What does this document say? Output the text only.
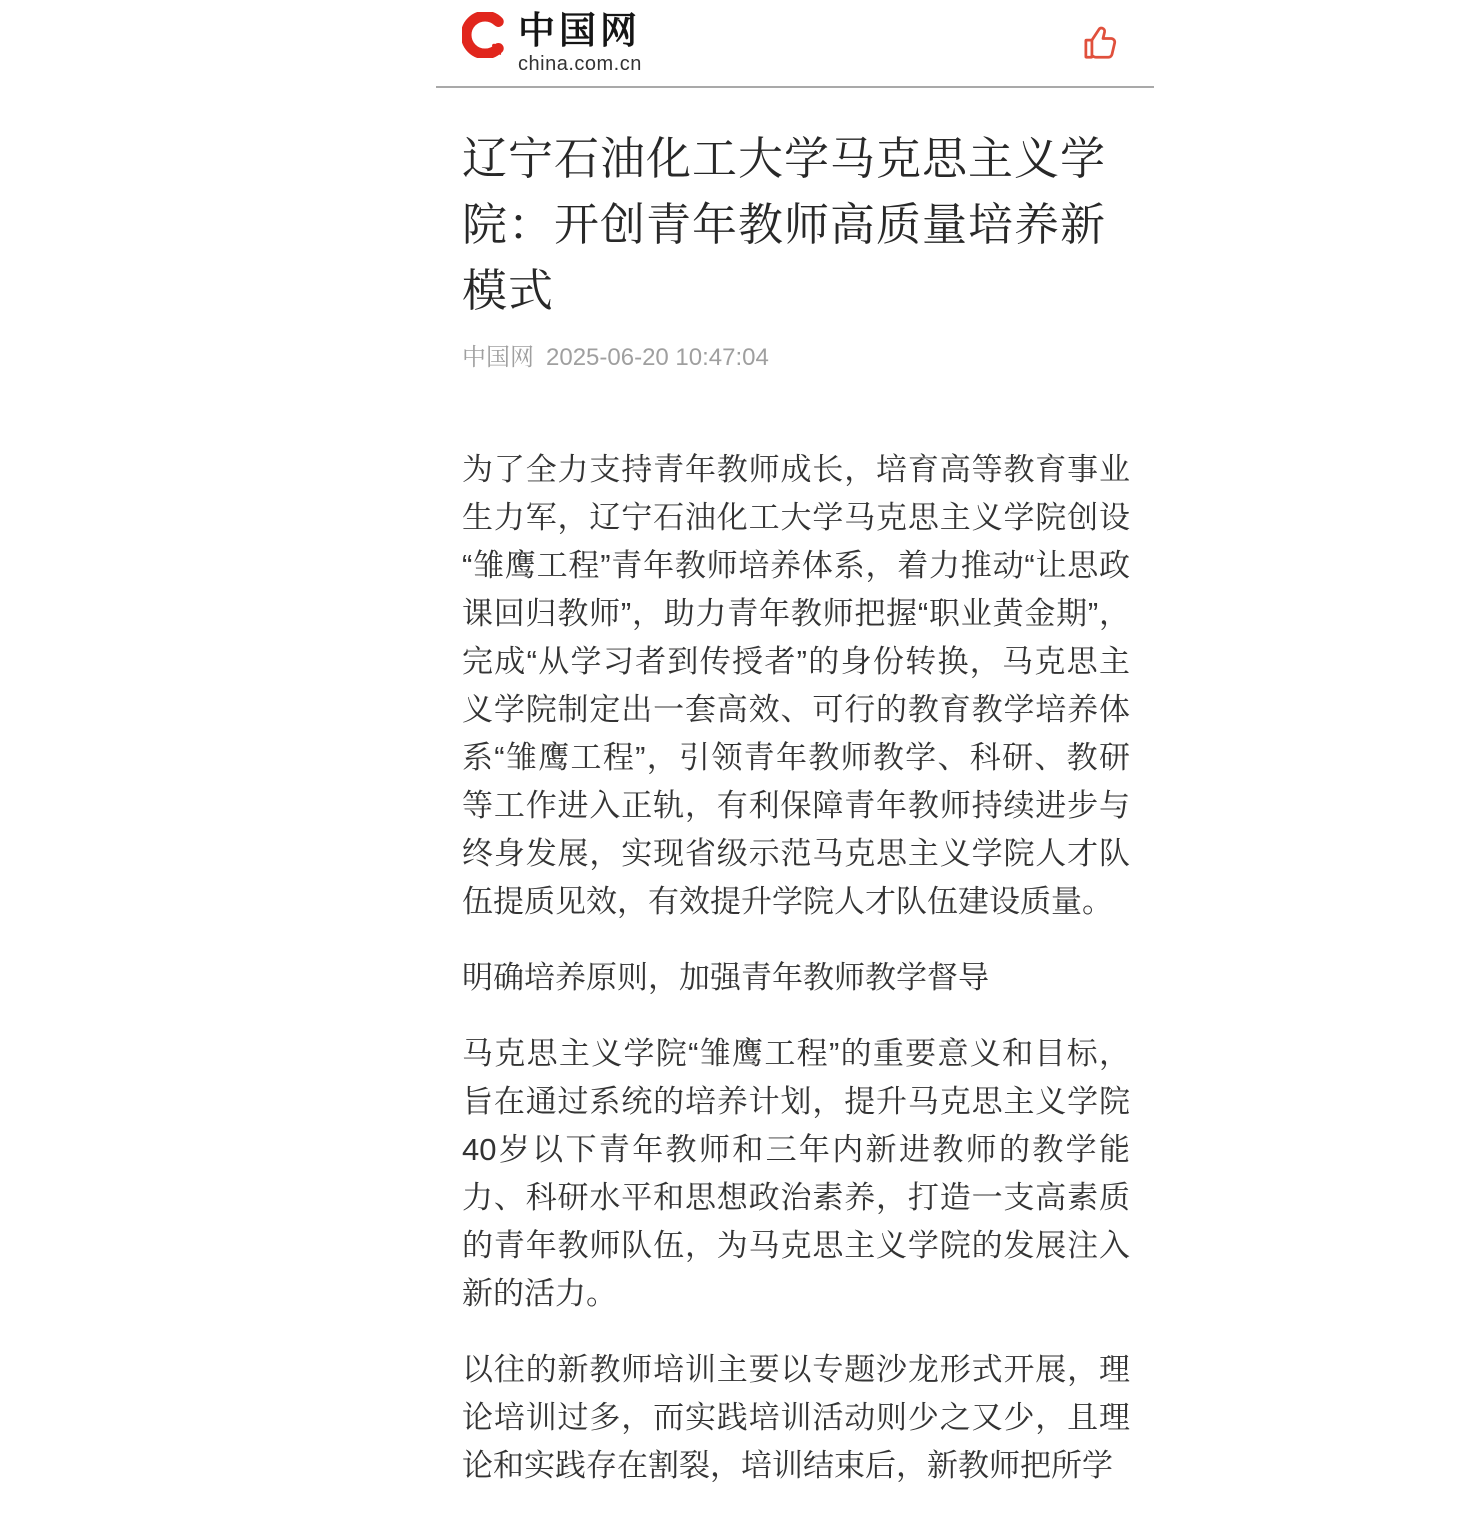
中国网
china.com.cn
辽宁石油化工大学马克思主义学
院：开创青年教师高质量培养新
模式
中国网 2025-06-20 10:47:04

为了全力支持青年教师成长，培育高等教育事业生力军，辽宁石油化工大学马克思主义学院创设“雏鹰工程”青年教师培养体系，着力推动“让思政课回归教师”，助力青年教师把握“职业黄金期”，完成“从学习者到传授者”的身份转换，马克思主义学院制定出一套高效、可行的教育教学培养体系“雏鹰工程”，引领青年教师教学、科研、教研等工作进入正轨，有利保障青年教师持续进步与终身发展，实现省级示范马克思主义学院人才队伍提质见效，有效提升学院人才队伍建设质量。

明确培养原则，加强青年教师教学督导

马克思主义学院“雏鹰工程”的重要意义和目标，旨在通过系统的培养计划，提升马克思主义学院40岁以下青年教师和三年内新进教师的教学能力、科研水平和思想政治素养，打造一支高素质的青年教师队伍，为马克思主义学院的发展注入新的活力。

以往的新教师培训主要以专题沙龙形式开展，理论培训过多，而实践培训活动则少之又少，且理论和实践存在割裂，培训结束后，新教师把所学
